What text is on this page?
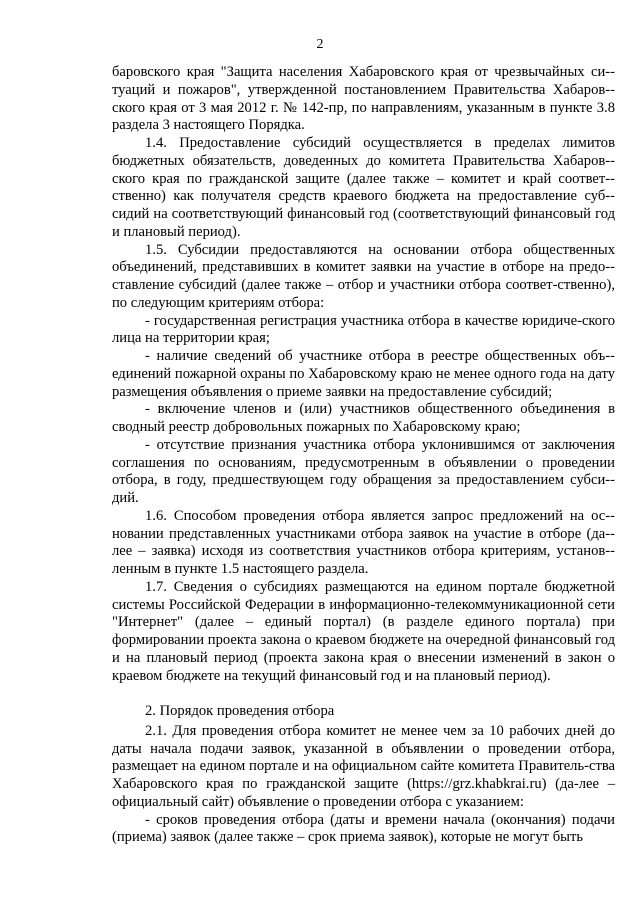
2

баровского края "Защита населения Хабаровского края от чрезвычайных си-туаций и пожаров", утвержденной постановлением Правительства Хабаров-ского края от 3 мая 2012 г. № 142-пр, по направлениям, указанным в пункте 3.8 раздела 3 настоящего Порядка.

1.4. Предоставление субсидий осуществляется в пределах лимитов бюджетных обязательств, доведенных до комитета Правительства Хабаров-ского края по гражданской защите (далее также – комитет и край соответ-ственно) как получателя средств краевого бюджета на предоставление суб-сидий на соответствующий финансовый год (соответствующий финансовый год и плановый период).

1.5. Субсидии предоставляются на основании отбора общественных объединений, представивших в комитет заявки на участие в отборе на предо-ставление субсидий (далее также – отбор и участники отбора соответ-ственно), по следующим критериям отбора:

- государственная регистрация участника отбора в качестве юридиче-ского лица на территории края;

- наличие сведений об участнике отбора в реестре общественных объ-единений пожарной охраны по Хабаровскому краю не менее одного года на дату размещения объявления о приеме заявки на предоставление субсидий;

- включение членов и (или) участников общественного объединения в сводный реестр добровольных пожарных по Хабаровскому краю;

- отсутствие признания участника отбора уклонившимся от заключения соглашения по основаниям, предусмотренным в объявлении о проведении отбора, в году, предшествующем году обращения за предоставлением субси-дий.

1.6. Способом проведения отбора является запрос предложений на ос-новании представленных участниками отбора заявок на участие в отборе (да-лее – заявка) исходя из соответствия участников отбора критериям, установ-ленным в пункте 1.5 настоящего раздела.

1.7. Сведения о субсидиях размещаются на едином портале бюджетной системы Российской Федерации в информационно-телекоммуникационной сети "Интернет" (далее – единый портал) (в разделе единого портала) при формировании проекта закона о краевом бюджете на очередной финансовый год и на плановый период (проекта закона края о внесении изменений в закон о краевом бюджете на текущий финансовый год и на плановый период).

2. Порядок проведения отбора

2.1. Для проведения отбора комитет не менее чем за 10 рабочих дней до даты начала подачи заявок, указанной в объявлении о проведении отбора, размещает на едином портале и на официальном сайте комитета Правитель-ства Хабаровского края по гражданской защите (https://grz.khabkrai.ru) (да-лее – официальный сайт) объявление о проведении отбора с указанием:

- сроков проведения отбора (даты и времени начала (окончания) подачи (приема) заявок (далее также – срок приема заявок), которые не могут быть
